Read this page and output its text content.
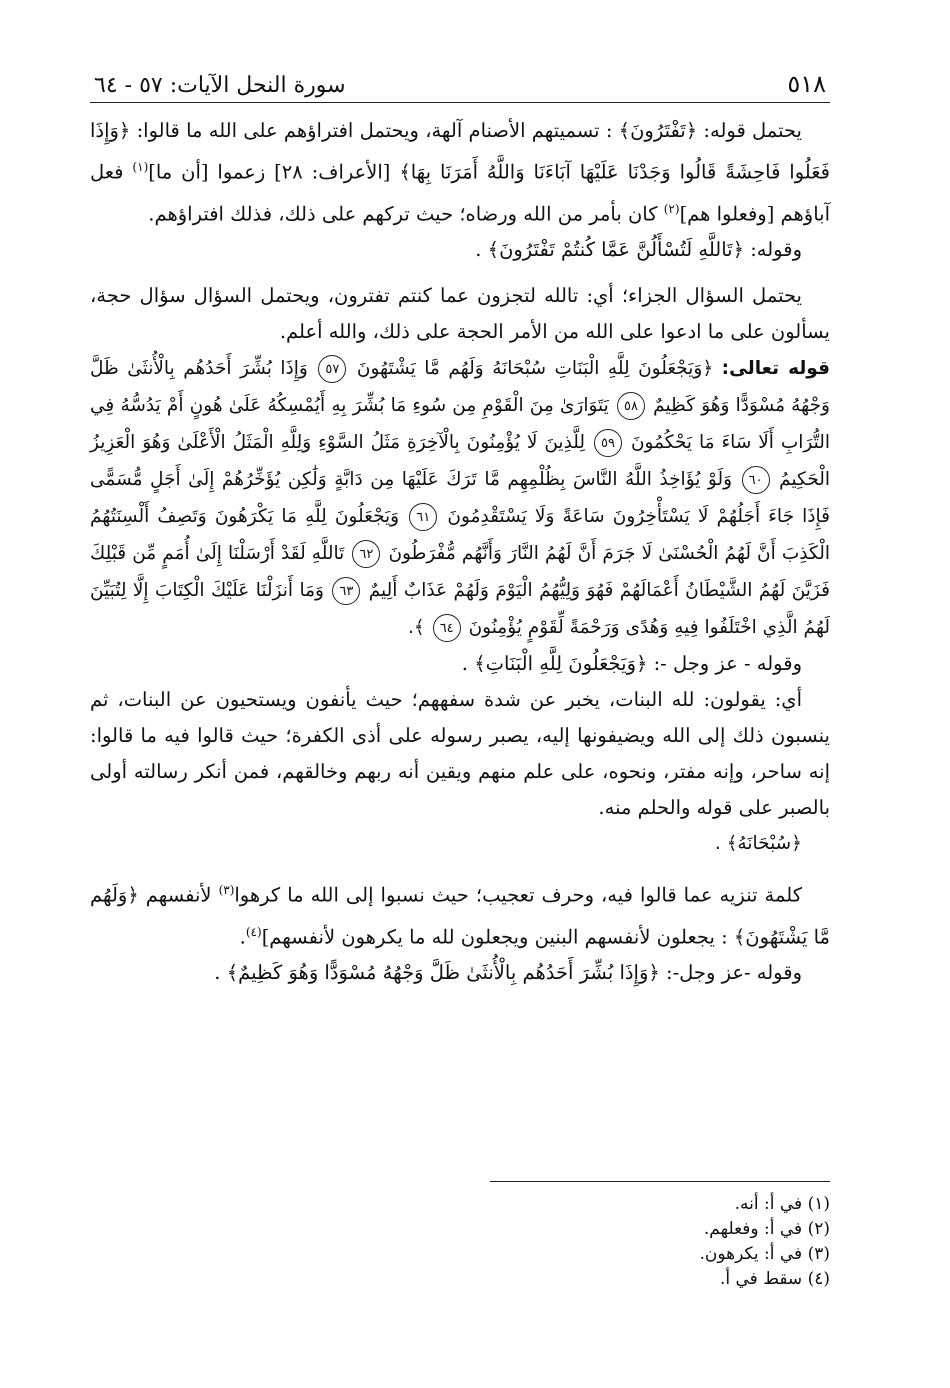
٥١٨
سورة النحل الآيات: ٥٧ - ٦٤

يحتمل قوله: ﴿تَفْتَرُونَ﴾ : تسميتهم الأصنام آلهة، ويحتمل افتراؤهم على الله ما قالوا: ﴿وَإِذَا فَعَلُوا فَاحِشَةً قَالُوا وَجَدْنَا عَلَيْهَا آبَاءَنَا وَاللَّهُ أَمَرَنَا بِهَا﴾ [الأعراف: ٢٨] زعموا [أن ما]$^{(١)}$ فعل آباؤهم [وفعلوا هم]$^{(٢)}$ كان بأمر من الله ورضاه؛ حيث تركهم على ذلك، فذلك افتراؤهم.

وقوله: ﴿تَاللَّهِ لَتُسْأَلُنَّ عَمَّا كُنتُمْ تَفْتَرُونَ﴾ .

يحتمل السؤال الجزاء؛ أي: تالله لتجزون عما كنتم تفترون، ويحتمل السؤال سؤال حجة، يسألون على ما ادعوا على الله من الأمر الحجة على ذلك، والله أعلم.

قوله تعالى: ﴿وَيَجْعَلُونَ لِلَّهِ الْبَنَاتِ سُبْحَانَهُ وَلَهُم مَّا يَشْتَهُونَ ٥٧ وَإِذَا بُشِّرَ أَحَدُهُم بِالْأُنثَىٰ ظَلَّ وَجْهُهُ مُسْوَدًّا وَهُوَ كَظِيمٌ ٥٨ يَتَوَارَىٰ مِنَ الْقَوْمِ مِن سُوءِ مَا بُشِّرَ بِهِ أَيُمْسِكُهُ عَلَىٰ هُونٍ أَمْ يَدُسُّهُ فِي التُّرَابِ أَلَا سَاءَ مَا يَحْكُمُونَ ٥٩ لِلَّذِينَ لَا يُؤْمِنُونَ بِالْآخِرَةِ مَثَلُ السَّوْءِ وَلِلَّهِ الْمَثَلُ الْأَعْلَىٰ وَهُوَ الْعَزِيزُ الْحَكِيمُ ٦٠ وَلَوْ يُؤَاخِذُ اللَّهُ النَّاسَ بِظُلْمِهِم مَّا تَرَكَ عَلَيْهَا مِن دَابَّةٍ وَلَٰكِن يُؤَخِّرُهُمْ إِلَىٰ أَجَلٍ مُّسَمًّى فَإِذَا جَاءَ أَجَلُهُمْ لَا يَسْتَأْخِرُونَ سَاعَةً وَلَا يَسْتَقْدِمُونَ ٦١ وَيَجْعَلُونَ لِلَّهِ مَا يَكْرَهُونَ وَتَصِفُ أَلْسِنَتُهُمُ الْكَذِبَ أَنَّ لَهُمُ الْحُسْنَىٰ لَا جَرَمَ أَنَّ لَهُمُ النَّارَ وَأَنَّهُم مُّفْرَطُونَ ٦٢ تَاللَّهِ لَقَدْ أَرْسَلْنَا إِلَىٰ أُمَمٍ مِّن قَبْلِكَ فَزَيَّنَ لَهُمُ الشَّيْطَانُ أَعْمَالَهُمْ فَهُوَ وَلِيُّهُمُ الْيَوْمَ وَلَهُمْ عَذَابٌ أَلِيمٌ ٦٣ وَمَا أَنزَلْنَا عَلَيْكَ الْكِتَابَ إِلَّا لِتُبَيِّنَ لَهُمُ الَّذِي اخْتَلَفُوا فِيهِ وَهُدًى وَرَحْمَةً لِّقَوْمٍ يُؤْمِنُونَ ٦٤ ﴾.

وقوله - عز وجل -: ﴿وَيَجْعَلُونَ لِلَّهِ الْبَنَاتِ﴾ .

أي: يقولون: لله البنات، يخبر عن شدة سفههم؛ حيث يأنفون ويستحيون عن البنات، ثم ينسبون ذلك إلى الله ويضيفونها إليه، يصبر رسوله على أذى الكفرة؛ حيث قالوا فيه ما قالوا: إنه ساحر، وإنه مفتر، ونحوه، على علم منهم ويقين أنه ربهم وخالقهم، فمن أنكر رسالته أولى بالصبر على قوله والحلم منه.

﴿سُبْحَانَهُ﴾ .

كلمة تنزيه عما قالوا فيه، وحرف تعجيب؛ حيث نسبوا إلى الله ما كرهوا$^{(٣)}$ لأنفسهم ﴿وَلَهُم مَّا يَشْتَهُونَ﴾ : يجعلون لأنفسهم البنين ويجعلون لله ما يكرهون لأنفسهم]$^{(٤)}$.

وقوله -عز وجل-: ﴿وَإِذَا بُشِّرَ أَحَدُهُم بِالْأُنثَىٰ ظَلَّ وَجْهُهُ مُسْوَدًّا وَهُوَ كَظِيمٌ﴾ .

(١) في أ: أنه.
(٢) في أ: وفعلهم.
(٣) في أ: يكرهون.
(٤) سقط في أ.
